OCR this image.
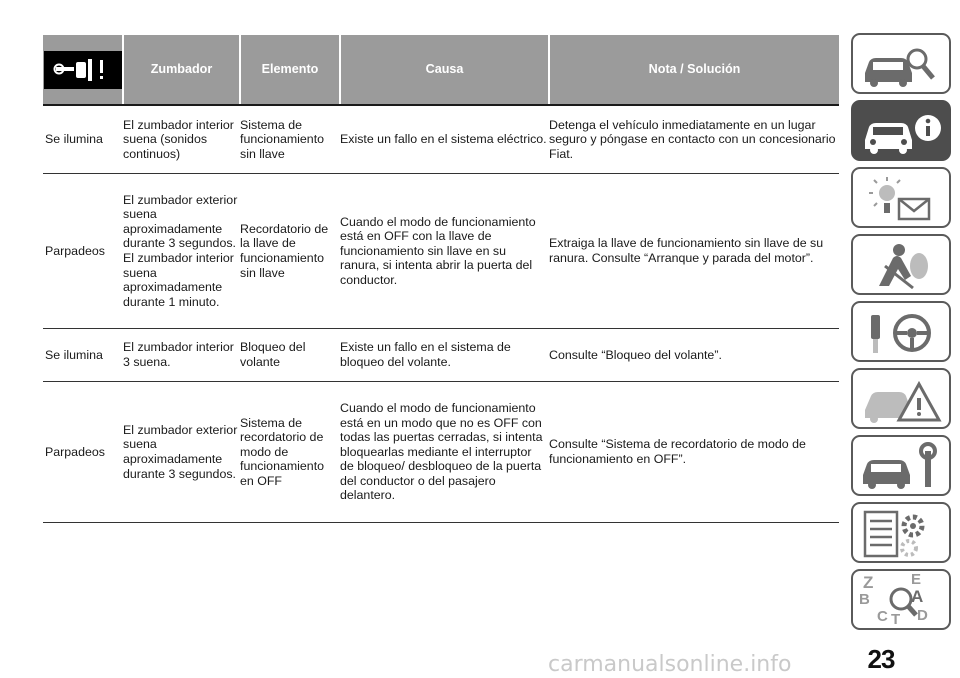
	Zumbador	Elemento	Causa	Nota / Solución
Se ilumina	El zumbador interior suena (sonidos continuos)	Sistema de funcionamiento sin llave	Existe un fallo en el sistema eléctrico.	Detenga el vehículo inmediatamente en un lugar seguro y póngase en contacto con un concesionario Fiat.
Parpadeos	El zumbador exterior suena aproximadamente durante 3 segundos. El zumbador interior suena aproximadamente durante 1 minuto.	Recordatorio de la llave de funcionamiento sin llave	Cuando el modo de funcionamiento está en OFF con la llave de funcionamiento sin llave en su ranura, si intenta abrir la puerta del conductor.	Extraiga la llave de funcionamiento sin llave de su ranura. Consulte “Arranque y parada del motor”.
Se ilumina	El zumbador interior 3 suena.	Bloqueo del volante	Existe un fallo en el sistema de bloqueo del volante.	Consulte “Bloqueo del volante”.
Parpadeos	El zumbador exterior suena aproximadamente durante 3 segundos.	Sistema de recordatorio de modo de funcionamiento en OFF	Cuando el modo de funcionamiento está en un modo que no es OFF con todas las puertas cerradas, si intenta bloquearlas mediante el interruptor de bloqueo/ desbloqueo de la puerta del conductor o del pasajero delantero.	Consulte “Sistema de recordatorio de modo de funcionamiento en OFF”.
Z	E
A
B
C T D
23
carmanualsonline.info
